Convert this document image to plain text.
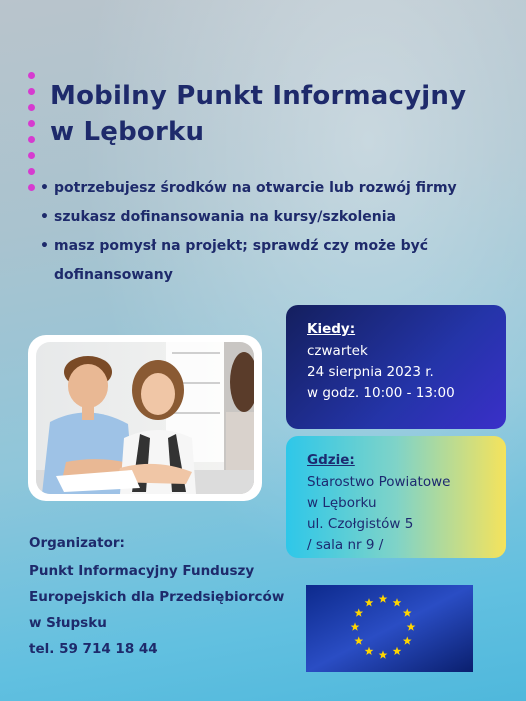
Mobilny Punkt Informacyjny
w Lęborku
• potrzebujesz środków na otwarcie lub rozwój firmy
• szukasz dofinansowania na kursy/szkolenia
• masz pomysł na projekt; sprawdź czy może być
dofinansowany
Kiedy:
czwartek
24 sierpnia 2023 r.
w godz. 10:00 - 13:00
Gdzie:
Starostwo Powiatowe
w Lęborku
ul. Czołgistów 5
/ sala nr 9 /
Organizator:
Punkt Informacyjny Funduszy
Europejskich dla Przedsiębiorców
w Słupsku
tel. 59 714 18 44
